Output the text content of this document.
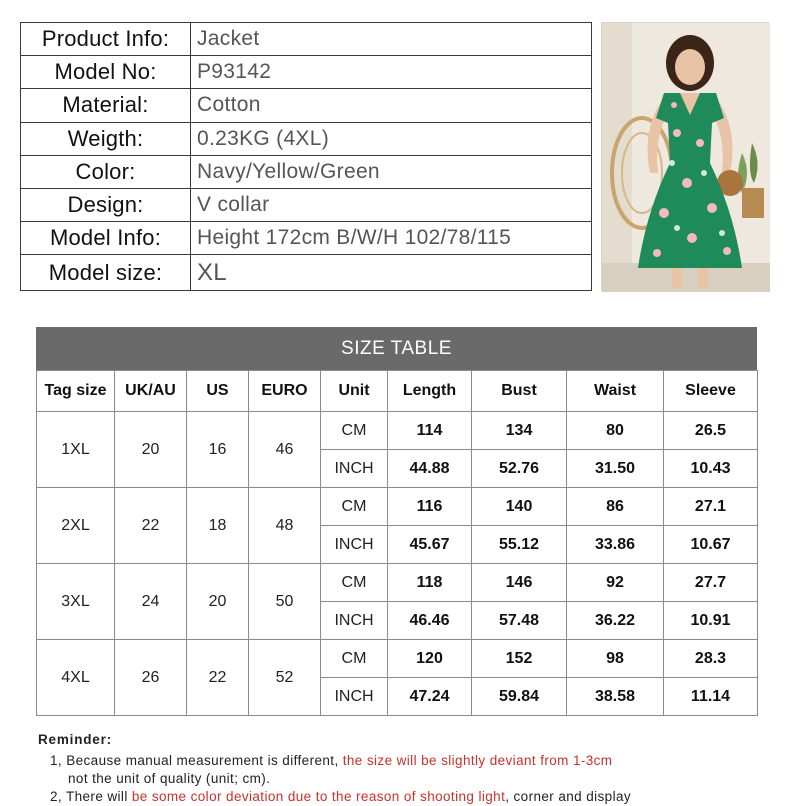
Product Info:	Jacket
Model No:	P93142
Material:	Cotton
Weigth:	0.23KG (4XL)
Color:	Navy/Yellow/Green
Design:	V collar
Model Info:	Height 172cm B/W/H 102/78/115
Model size:	XL
SIZE TABLE
Tag size	UK/AU	US	EURO	Unit	Length	Bust	Waist	Sleeve
1XL	20	16	46	CM	114	134	80	26.5
				INCH	44.88	52.76	31.50	10.43
2XL	22	18	48	CM	116	140	86	27.1
				INCH	45.67	55.12	33.86	10.67
3XL	24	20	50	CM	118	146	92	27.7
				INCH	46.46	57.48	36.22	10.91
4XL	26	22	52	CM	120	152	98	28.3
				INCH	47.24	59.84	38.58	11.14
Reminder:
1, Because manual measurement is different, the size will be slightly deviant from 1-3cm
not the unit of quality (unit; cm).
2, There will be some color deviation due to the reason of shooting light, corner and display
